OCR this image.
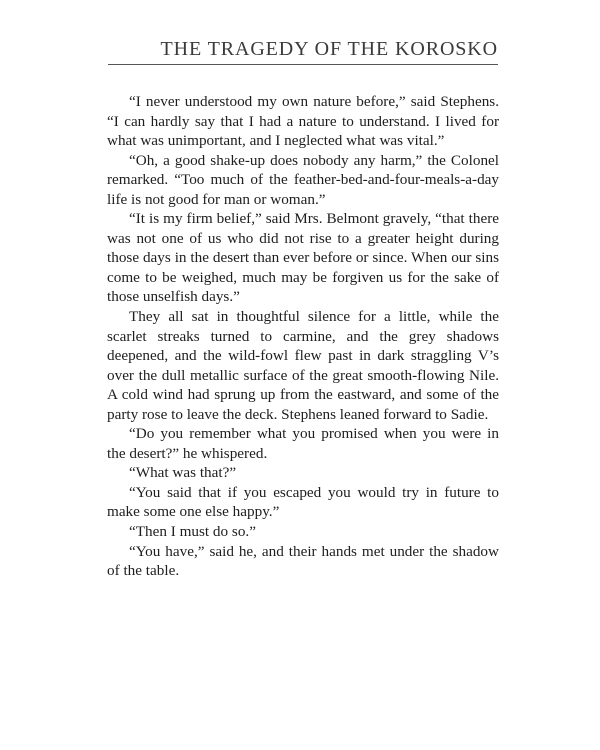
THE TRAGEDY OF THE KOROSKO

“I never understood my own nature before,” said Stephens. “I can hardly say that I had a nature to understand. I lived for what was unimportant, and I neglected what was vital.”

“Oh, a good shake-up does nobody any harm,” the Colonel remarked. “Too much of the feather-bed-and-four-meals-a-day life is not good for man or woman.”

“It is my firm belief,” said Mrs. Belmont gravely, “that there was not one of us who did not rise to a greater height during those days in the desert than ever before or since. When our sins come to be weighed, much may be forgiven us for the sake of those unselfish days.”

They all sat in thoughtful silence for a little, while the scarlet streaks turned to carmine, and the grey shadows deepened, and the wild-fowl flew past in dark straggling V’s over the dull metallic surface of the great smooth-flowing Nile. A cold wind had sprung up from the eastward, and some of the party rose to leave the deck. Stephens leaned forward to Sadie.

“Do you remember what you promised when you were in the desert?” he whispered.

“What was that?”

“You said that if you escaped you would try in future to make some one else happy.”

“Then I must do so.”

“You have,” said he, and their hands met under the shadow of the table.
